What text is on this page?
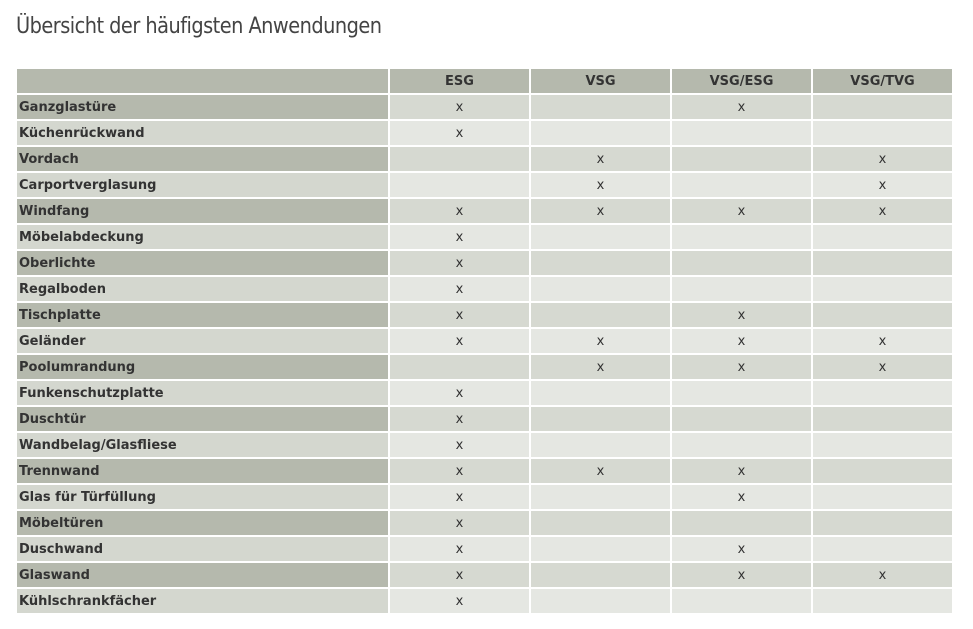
Übersicht der häufigsten Anwendungen
	ESG	VSG	VSG/ESG	VSG/TVG
Ganzglastüre	x		x	
Küchenrückwand	x			
Vordach		x		x
Carportverglasung		x		x
Windfang	x	x	x	x
Möbelabdeckung	x			
Oberlichte	x			
Regalboden	x			
Tischplatte	x		x	
Geländer	x	x	x	x
Poolumrandung		x	x	x
Funkenschutzplatte	x			
Duschtür	x			
Wandbelag/Glasfliese	x			
Trennwand	x	x	x	
Glas für Türfüllung	x		x	
Möbeltüren	x			
Duschwand	x		x	
Glaswand	x		x	x
Kühlschrankfächer	x			
